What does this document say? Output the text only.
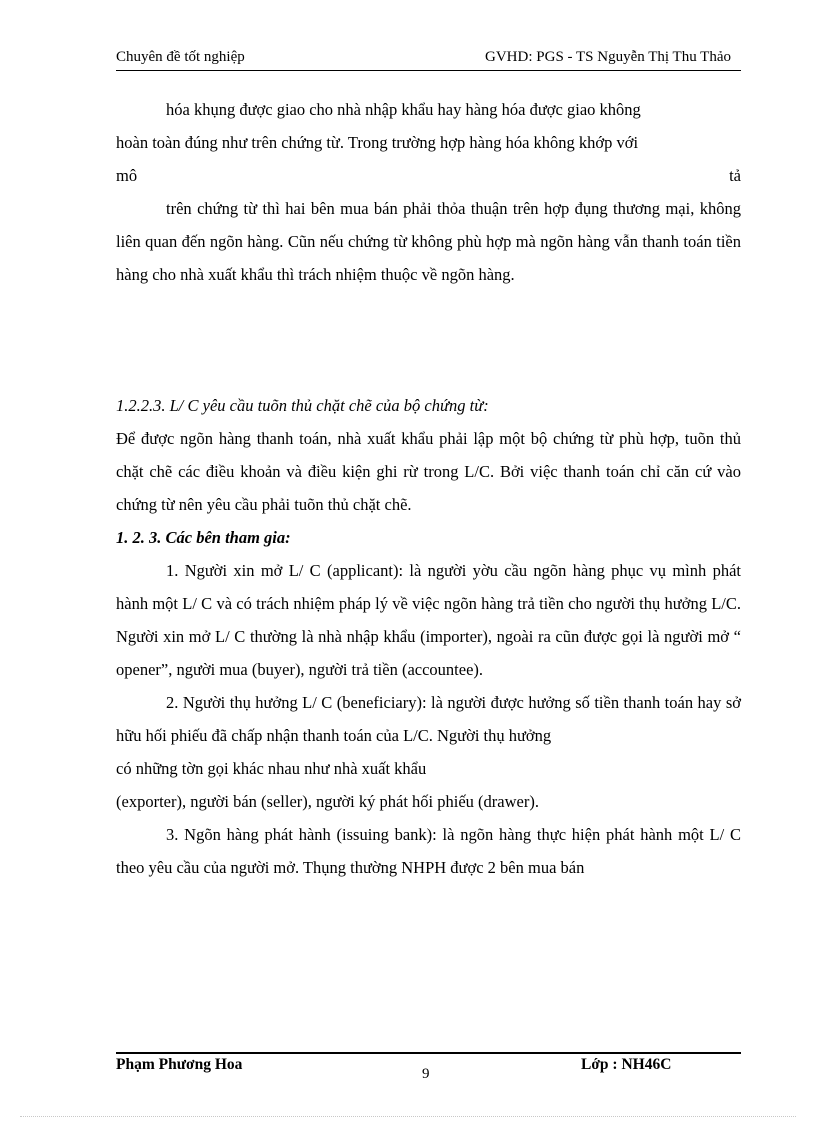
Chuyên đề tốt nghiệp	GVHD: PGS - TS Nguyễn Thị Thu Thảo

hóa khụng được giao cho nhà nhập khẩu hay hàng hóa được giao không

hoàn toàn đúng như trên chứng từ. Trong trường hợp hàng hóa không khớp với

mô	tả

trên chứng từ thì hai bên mua bán phải thỏa thuận trên hợp đụng thương mại, không liên quan đến ngõn hàng. Cũn nếu chứng từ không phù hợp mà ngõn hàng vẫn thanh toán tiền hàng cho nhà xuất khẩu thì trách nhiệm thuộc về ngõn hàng.

1.2.2.3. L/ C yêu cầu tuõn thủ chặt chẽ của bộ chứng từ:

Để được ngõn hàng thanh toán, nhà xuất khẩu phải lập một bộ chứng từ phù hợp, tuõn thủ chặt chẽ các điều khoản và điều kiện ghi rừ trong L/C. Bởi việc thanh toán chỉ căn cứ vào chứng từ nên yêu cầu phải tuõn thủ chặt chẽ.

1. 2. 3. Các bên tham gia:

1. Người xin mở L/ C (applicant): là người yờu cầu ngõn hàng phục vụ mình phát hành một L/ C và có trách nhiệm pháp lý về việc ngõn hàng trả tiền cho người thụ hưởng L/C. Người xin mở L/ C thường là nhà nhập khẩu (importer), ngoài ra cũn được gọi là người mở “ opener”, người mua (buyer), người trả tiền (accountee).

2. Người thụ hưởng L/ C (beneficiary): là người được hưởng số tiền thanh toán hay sở hữu hối phiếu đã chấp nhận thanh toán của L/C. Người thụ hưởng

có những tờn gọi khác nhau như nhà xuất khẩu

(exporter), người bán (seller), người ký phát hối phiếu (drawer).

3. Ngõn hàng phát hành (issuing bank): là ngõn hàng thực hiện phát hành một L/ C theo yêu cầu của người mở. Thụng thường NHPH được 2 bên mua bán

Phạm Phương Hoa
9
Lớp : NH46C
